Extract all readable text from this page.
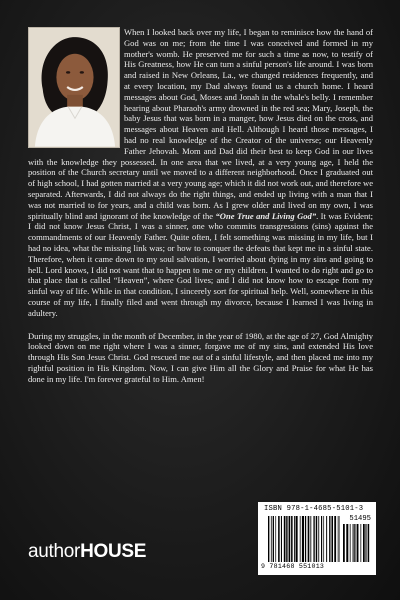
When I looked back over my life, I began to reminisce how the hand of God was on me; from the time I was conceived and formed in my mother's womb. He preserved me for such a time as now, to testify of His Greatness, how He can turn a sinful person's life around. I was born and raised in New Orleans, La., we changed residences frequently, and at every location, my Dad always found us a church home. I heard messages about God, Moses and Jonah in the whale's belly. I remember hearing about Pharaoh's army drowned in the red sea; Mary, Joseph, the baby Jesus that was born in a manger, how Jesus died on the cross, and messages about Heaven and Hell. Although I heard those messages, I had no real knowledge of the Creator of the universe; our Heavenly Father Jehovah. Mom and Dad did their best to keep God in our lives with the knowledge they possessed. In one area that we lived, at a very young age, I held the position of the Church secretary until we moved to a different neighborhood. Once I graduated out of high school, I had gotten married at a very young age; which it did not work out, and therefore we separated. Afterwards, I did not always do the right things, and ended up living with a man that I was not married to for years, and a child was born. As I grew older and lived on my own, I was spiritually blind and ignorant of the knowledge of the “One True and Living God”. It was Evident; I did not know Jesus Christ, I was a sinner, one who commits transgressions (sins) against the commandments of our Heavenly Father. Quite often, I felt something was missing in my life, but I had no idea, what the missing link was; or how to conquer the defeats that kept me in a sinful state. Therefore, when it came down to my soul salvation, I worried about dying in my sins and going to hell. Lord knows, I did not want that to happen to me or my children. I wanted to do right and go to that place that is called “Heaven”, where God lives; and I did not know how to escape from my sinful way of life. While in that condition, I sincerely sort for spiritual help. Well, somewhere in this course of my life, I finally filed and went through my divorce, because I learned I was living in adultery.

During my struggles, in the month of December, in the year of 1980, at the age of 27, God Almighty looked down on me right where I was a sinner, forgave me of my sins, and extended His love through His Son Jesus Christ. God rescued me out of a sinful lifestyle, and then placed me into my rightful position in His Kingdom. Now, I can give Him all the Glory and Praise for what He has done in my life. I'm forever grateful to Him. Amen!

authorHOUSE
ISBN 978-1-4685-5101-3
51495
9 781468 551013
